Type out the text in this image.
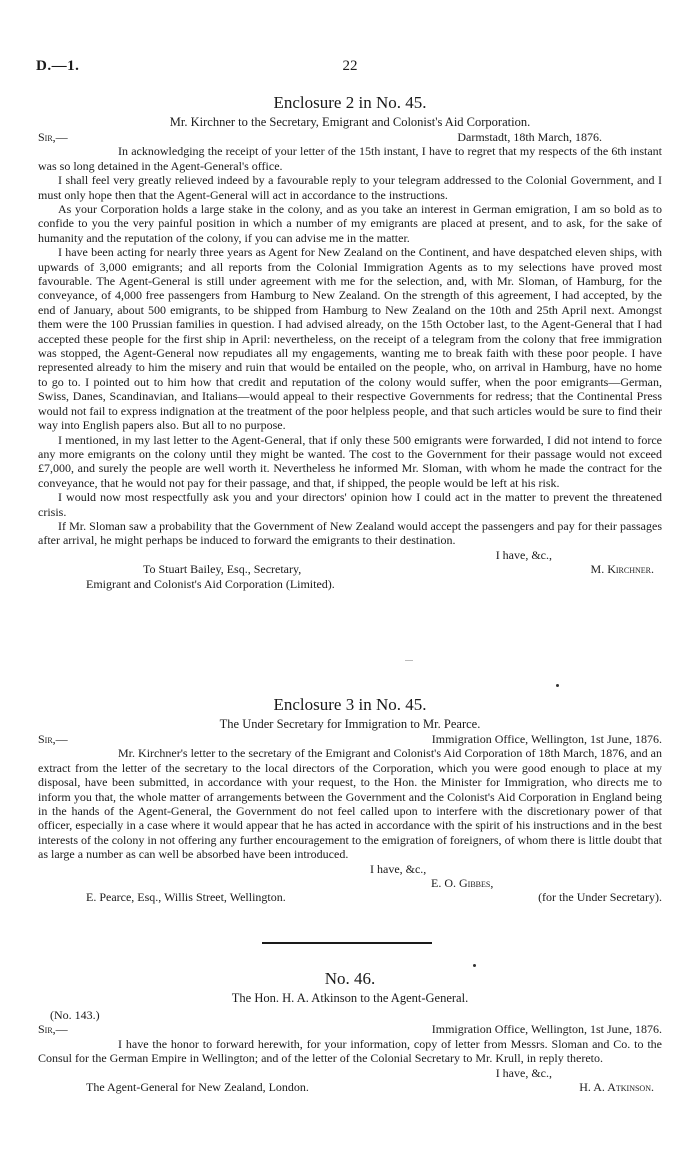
D.—1.	22

Enclosure 2 in No. 45.

Mr. Kirchner to the Secretary, Emigrant and Colonist's Aid Corporation.

Sir,—	Darmstadt, 18th March, 1876.

In acknowledging the receipt of your letter of the 15th instant, I have to regret that my respects of the 6th instant was so long detained in the Agent-General's office.

I shall feel very greatly relieved indeed by a favourable reply to your telegram addressed to the Colonial Government, and I must only hope then that the Agent-General will act in accordance to the instructions.

As your Corporation holds a large stake in the colony, and as you take an interest in German emigration, I am so bold as to confide to you the very painful position in which a number of my emigrants are placed at present, and to ask, for the sake of humanity and the reputation of the colony, if you can advise me in the matter.

I have been acting for nearly three years as Agent for New Zealand on the Continent, and have despatched eleven ships, with upwards of 3,000 emigrants; and all reports from the Colonial Immigration Agents as to my selections have proved most favourable. The Agent-General is still under agreement with me for the selection, and, with Mr. Sloman, of Hamburg, for the conveyance, of 4,000 free passengers from Hamburg to New Zealand. On the strength of this agreement, I had accepted, by the end of January, about 500 emigrants, to be shipped from Hamburg to New Zealand on the 10th and 25th April next. Amongst them were the 100 Prussian families in question. I had advised already, on the 15th October last, to the Agent-General that I had accepted these people for the first ship in April: nevertheless, on the receipt of a telegram from the colony that free immigration was stopped, the Agent-General now repudiates all my engagements, wanting me to break faith with these poor people. I have represented already to him the misery and ruin that would be entailed on the people, who, on arrival in Hamburg, have no home to go to. I pointed out to him how that credit and reputation of the colony would suffer, when the poor emigrants—German, Swiss, Danes, Scandinavian, and Italians—would appeal to their respective Governments for redress; that the Continental Press would not fail to express indignation at the treatment of the poor helpless people, and that such articles would be sure to find their way into English papers also. But all to no purpose.

I mentioned, in my last letter to the Agent-General, that if only these 500 emigrants were forwarded, I did not intend to force any more emigrants on the colony until they might be wanted. The cost to the Government for their passage would not exceed £7,000, and surely the people are well worth it. Nevertheless he informed Mr. Sloman, with whom he made the contract for the conveyance, that he would not pay for their passage, and that, if shipped, the people would be left at his risk.

I would now most respectfully ask you and your directors' opinion how I could act in the matter to prevent the threatened crisis.

If Mr. Sloman saw a probability that the Government of New Zealand would accept the passengers and pay for their passages after arrival, he might perhaps be induced to forward the emigrants to their destination.

I have, &c.,
To Stuart Bailey, Esq., Secretary,	M. Kirchner.
Emigrant and Colonist's Aid Corporation (Limited).

Enclosure 3 in No. 45.

The Under Secretary for Immigration to Mr. Pearce.

Sir,—	Immigration Office, Wellington, 1st June, 1876.

Mr. Kirchner's letter to the secretary of the Emigrant and Colonist's Aid Corporation of 18th March, 1876, and an extract from the letter of the secretary to the local directors of the Corporation, which you were good enough to place at my disposal, have been submitted, in accordance with your request, to the Hon. the Minister for Immigration, who directs me to inform you that, the whole matter of arrangements between the Government and the Colonist's Aid Corporation in England being in the hands of the Agent-General, the Government do not feel called upon to interfere with the discretionary power of that officer, especially in a case where it would appear that he has acted in accordance with the spirit of his instructions and in the best interests of the colony in not offering any further encouragement to the emigration of foreigners, of whom there is little doubt that as large a number as can well be absorbed have been introduced.

I have, &c.,
E. O. Gibbes,
E. Pearce, Esq., Willis Street, Wellington.	(for the Under Secretary).

No. 46.

The Hon. H. A. Atkinson to the Agent-General.

(No. 143.)
Sir,—	Immigration Office, Wellington, 1st June, 1876.

I have the honor to forward herewith, for your information, copy of letter from Messrs. Sloman and Co. to the Consul for the German Empire in Wellington; and of the letter of the Colonial Secretary to Mr. Krull, in reply thereto.

I have, &c.,
The Agent-General for New Zealand, London.	H. A. Atkinson.
